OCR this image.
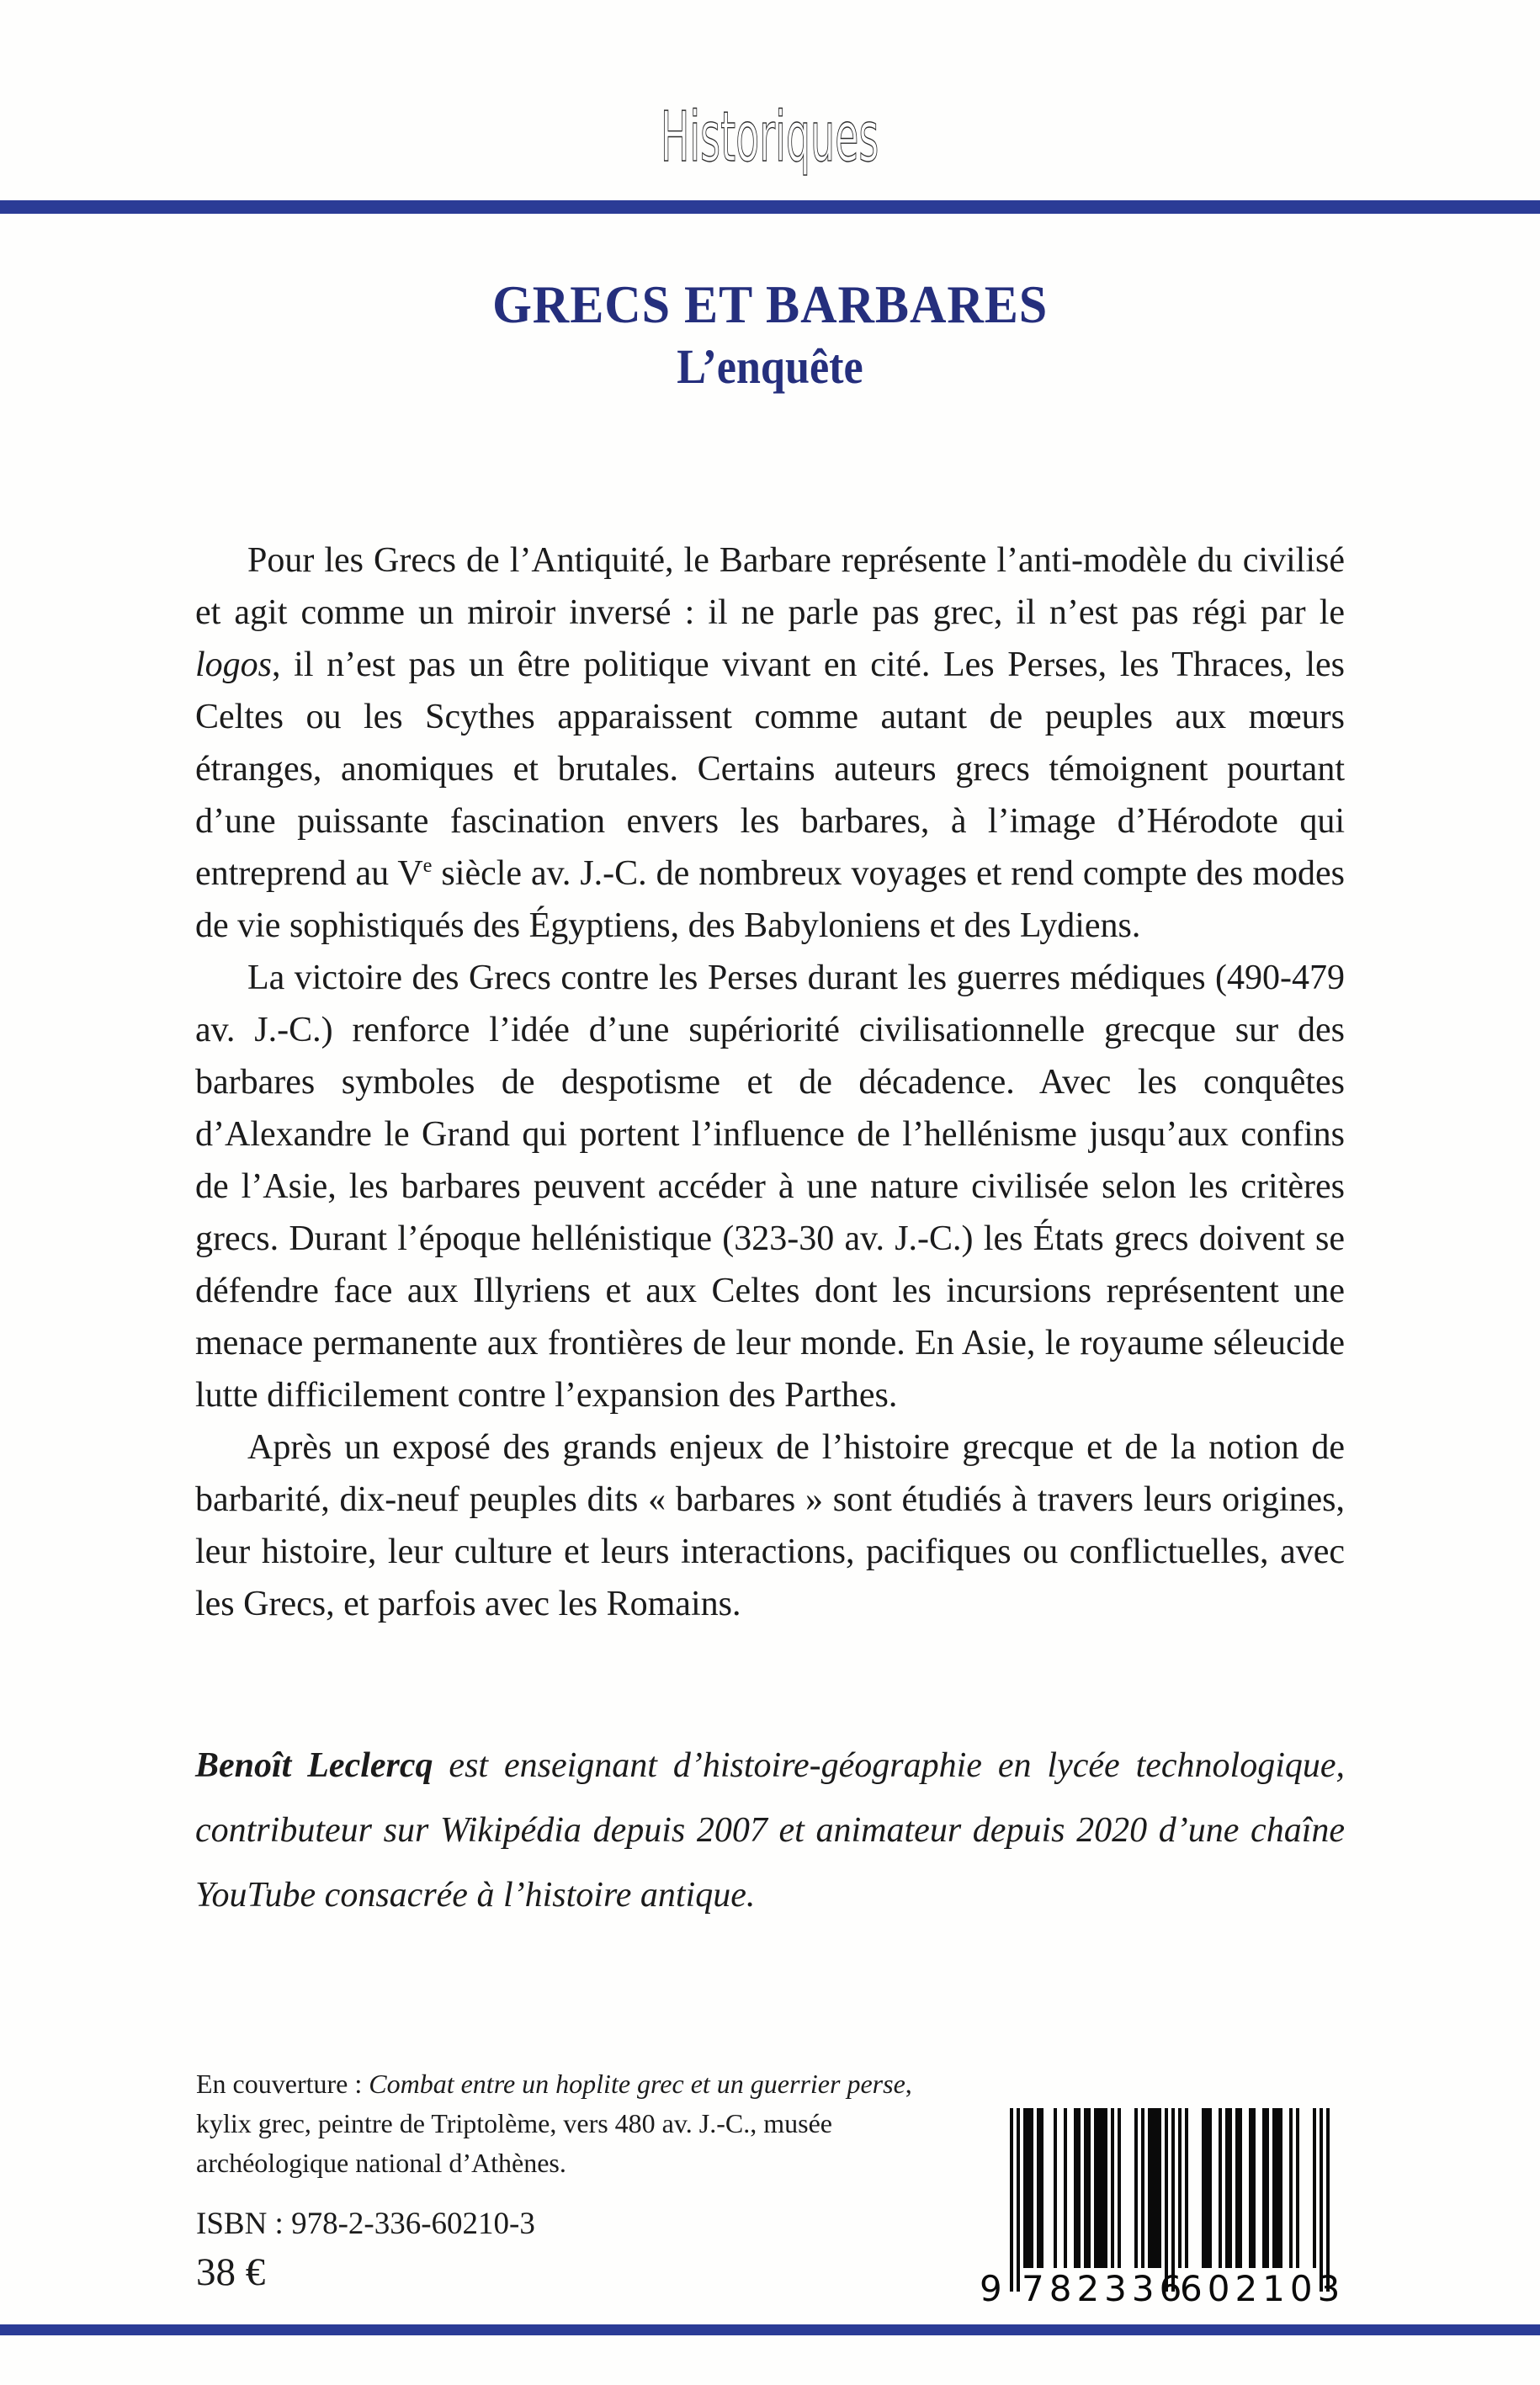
Historiques
GRECS ET BARBARES
L’enquête

Pour les Grecs de l’Antiquité, le Barbare représente l’anti-modèle du civilisé et agit comme un miroir inversé : il ne parle pas grec, il n’est pas régi par le logos, il n’est pas un être politique vivant en cité. Les Perses, les Thraces, les Celtes ou les Scythes apparaissent comme autant de peuples aux mœurs étranges, anomiques et brutales. Certains auteurs grecs témoignent pourtant d’une puissante fascination envers les barbares, à l’image d’Hérodote qui entreprend au Ve siècle av. J.-C. de nombreux voyages et rend compte des modes de vie sophistiqués des Égyptiens, des Babyloniens et des Lydiens.

La victoire des Grecs contre les Perses durant les guerres médiques (490-479 av. J.-C.) renforce l’idée d’une supériorité civilisationnelle grecque sur des barbares symboles de despotisme et de décadence. Avec les conquêtes d’Alexandre le Grand qui portent l’influence de l’hellénisme jusqu’aux confins de l’Asie, les barbares peuvent accéder à une nature civilisée selon les critères grecs. Durant l’époque hellénistique (323-30 av. J.-C.) les États grecs doivent se défendre face aux Illyriens et aux Celtes dont les incursions représentent une menace permanente aux frontières de leur monde. En Asie, le royaume séleucide lutte difficilement contre l’expansion des Parthes.

Après un exposé des grands enjeux de l’histoire grecque et de la notion de barbarité, dix-neuf peuples dits « barbares » sont étudiés à travers leurs origines, leur histoire, leur culture et leurs interactions, pacifiques ou conflictuelles, avec les Grecs, et parfois avec les Romains.

Benoît Leclercq est enseignant d’histoire-géographie en lycée technologique, contributeur sur Wikipédia depuis 2007 et animateur depuis 2020 d’une chaîne YouTube consacrée à l’histoire antique.
En couverture : Combat entre un hoplite grec et un guerrier perse, kylix grec, peintre de Triptolème, vers 480 av. J.-C., musée archéologique national d’Athènes.
ISBN : 978-2-336-60210-3
38 €	9 782336
602103
